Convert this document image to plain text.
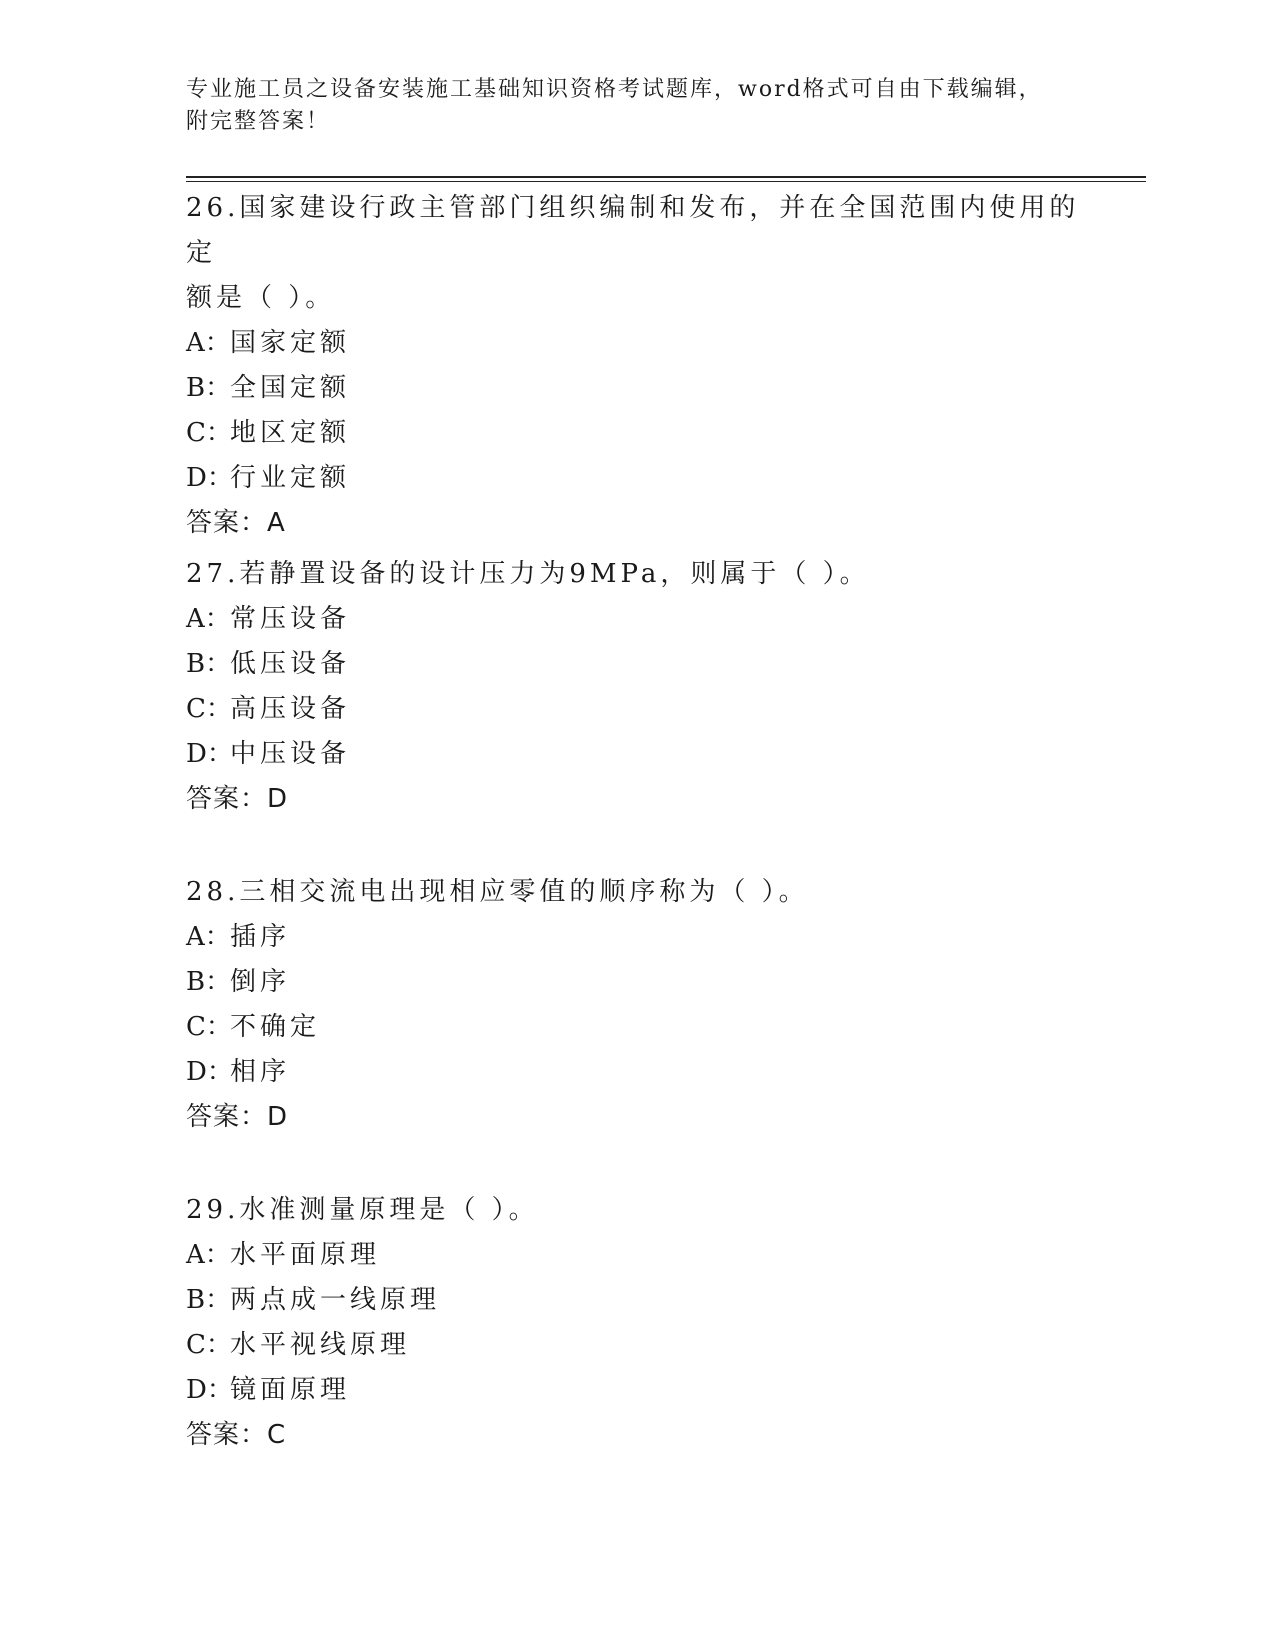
专业施工员之设备安装施工基础知识资格考试题库，word格式可自由下载编辑，
附完整答案！
26.国家建设行政主管部门组织编制和发布，并在全国范围内使用的定
额是（ ）。
A：国家定额
B：全国定额
C：地区定额
D：行业定额
答案：A
27.若静置设备的设计压力为9MPa，则属于（ ）。
A：常压设备
B：低压设备
C：高压设备
D：中压设备
答案：D
28.三相交流电出现相应零值的顺序称为（ ）。
A：插序
B：倒序
C：不确定
D：相序
答案：D
29.水准测量原理是（ ）。
A：水平面原理
B：两点成一线原理
C：水平视线原理
D：镜面原理
答案：C
